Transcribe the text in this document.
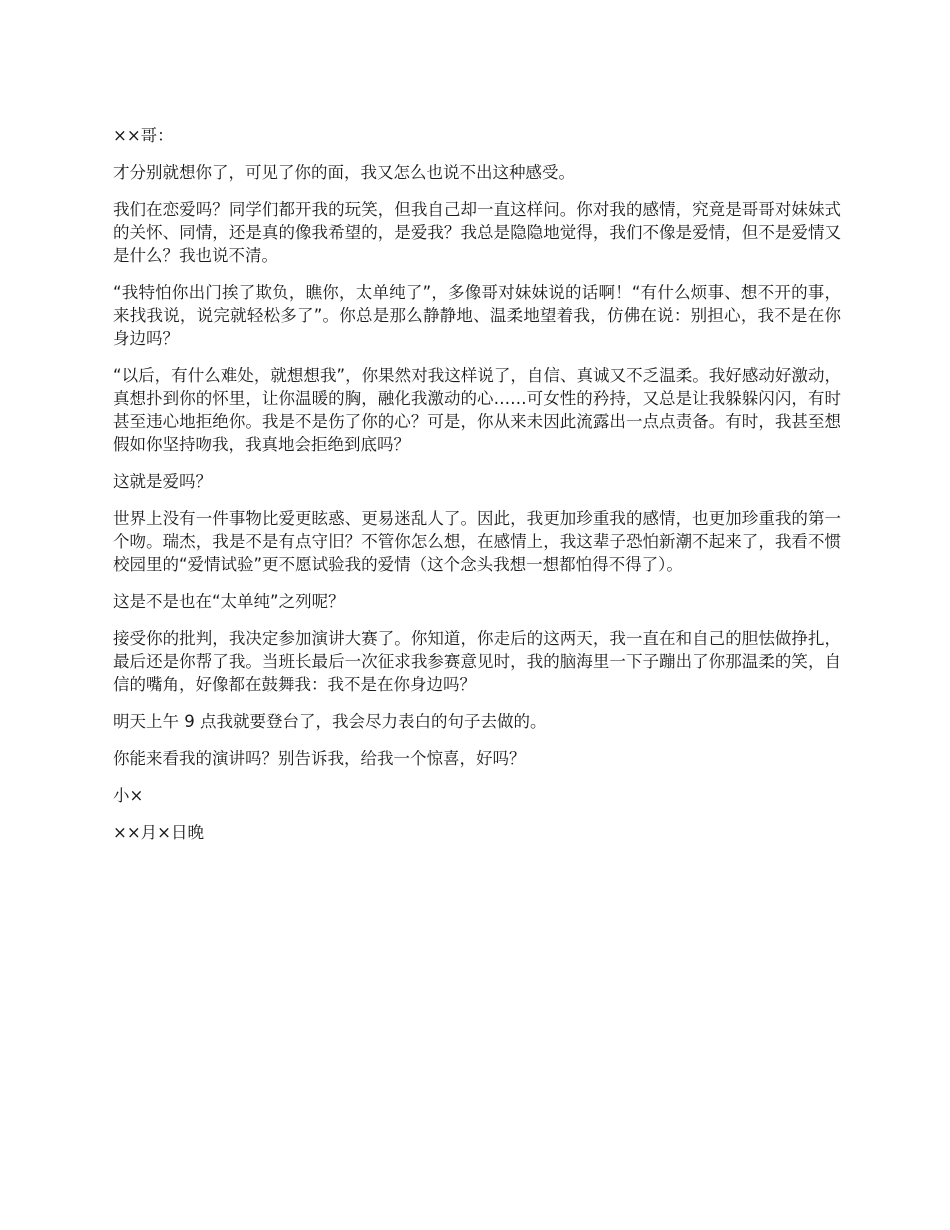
××哥：

才分别就想你了，可见了你的面，我又怎么也说不出这种感受。

我们在恋爱吗？同学们都开我的玩笑，但我自己却一直这样问。你对我的感情，究竟是哥哥对妹妹式的关怀、同情，还是真的像我希望的，是爱我？我总是隐隐地觉得，我们不像是爱情，但不是爱情又是什么？我也说不清。

“我特怕你出门挨了欺负，瞧你，太单纯了”，多像哥对妹妹说的话啊！“有什么烦事、想不开的事，来找我说，说完就轻松多了”。你总是那么静静地、温柔地望着我，仿佛在说：别担心，我不是在你身边吗？

“以后，有什么难处，就想想我”，你果然对我这样说了，自信、真诚又不乏温柔。我好感动好激动，真想扑到你的怀里，让你温暖的胸，融化我激动的心……可女性的矜持，又总是让我躲躲闪闪，有时甚至违心地拒绝你。我是不是伤了你的心？可是，你从来未因此流露出一点点责备。有时，我甚至想假如你坚持吻我，我真地会拒绝到底吗？

这就是爱吗？

世界上没有一件事物比爱更眩惑、更易迷乱人了。因此，我更加珍重我的感情，也更加珍重我的第一个吻。瑞杰，我是不是有点守旧？不管你怎么想，在感情上，我这辈子恐怕新潮不起来了，我看不惯校园里的“爱情试验”更不愿试验我的爱情（这个念头我想一想都怕得不得了）。

这是不是也在“太单纯”之列呢？

接受你的批判，我决定参加演讲大赛了。你知道，你走后的这两天，我一直在和自己的胆怯做挣扎，最后还是你帮了我。当班长最后一次征求我参赛意见时，我的脑海里一下子蹦出了你那温柔的笑，自信的嘴角，好像都在鼓舞我：我不是在你身边吗？

明天上午 9 点我就要登台了，我会尽力表白的句子去做的。

你能来看我的演讲吗？别告诉我，给我一个惊喜，好吗？

小×

××月×日晚
